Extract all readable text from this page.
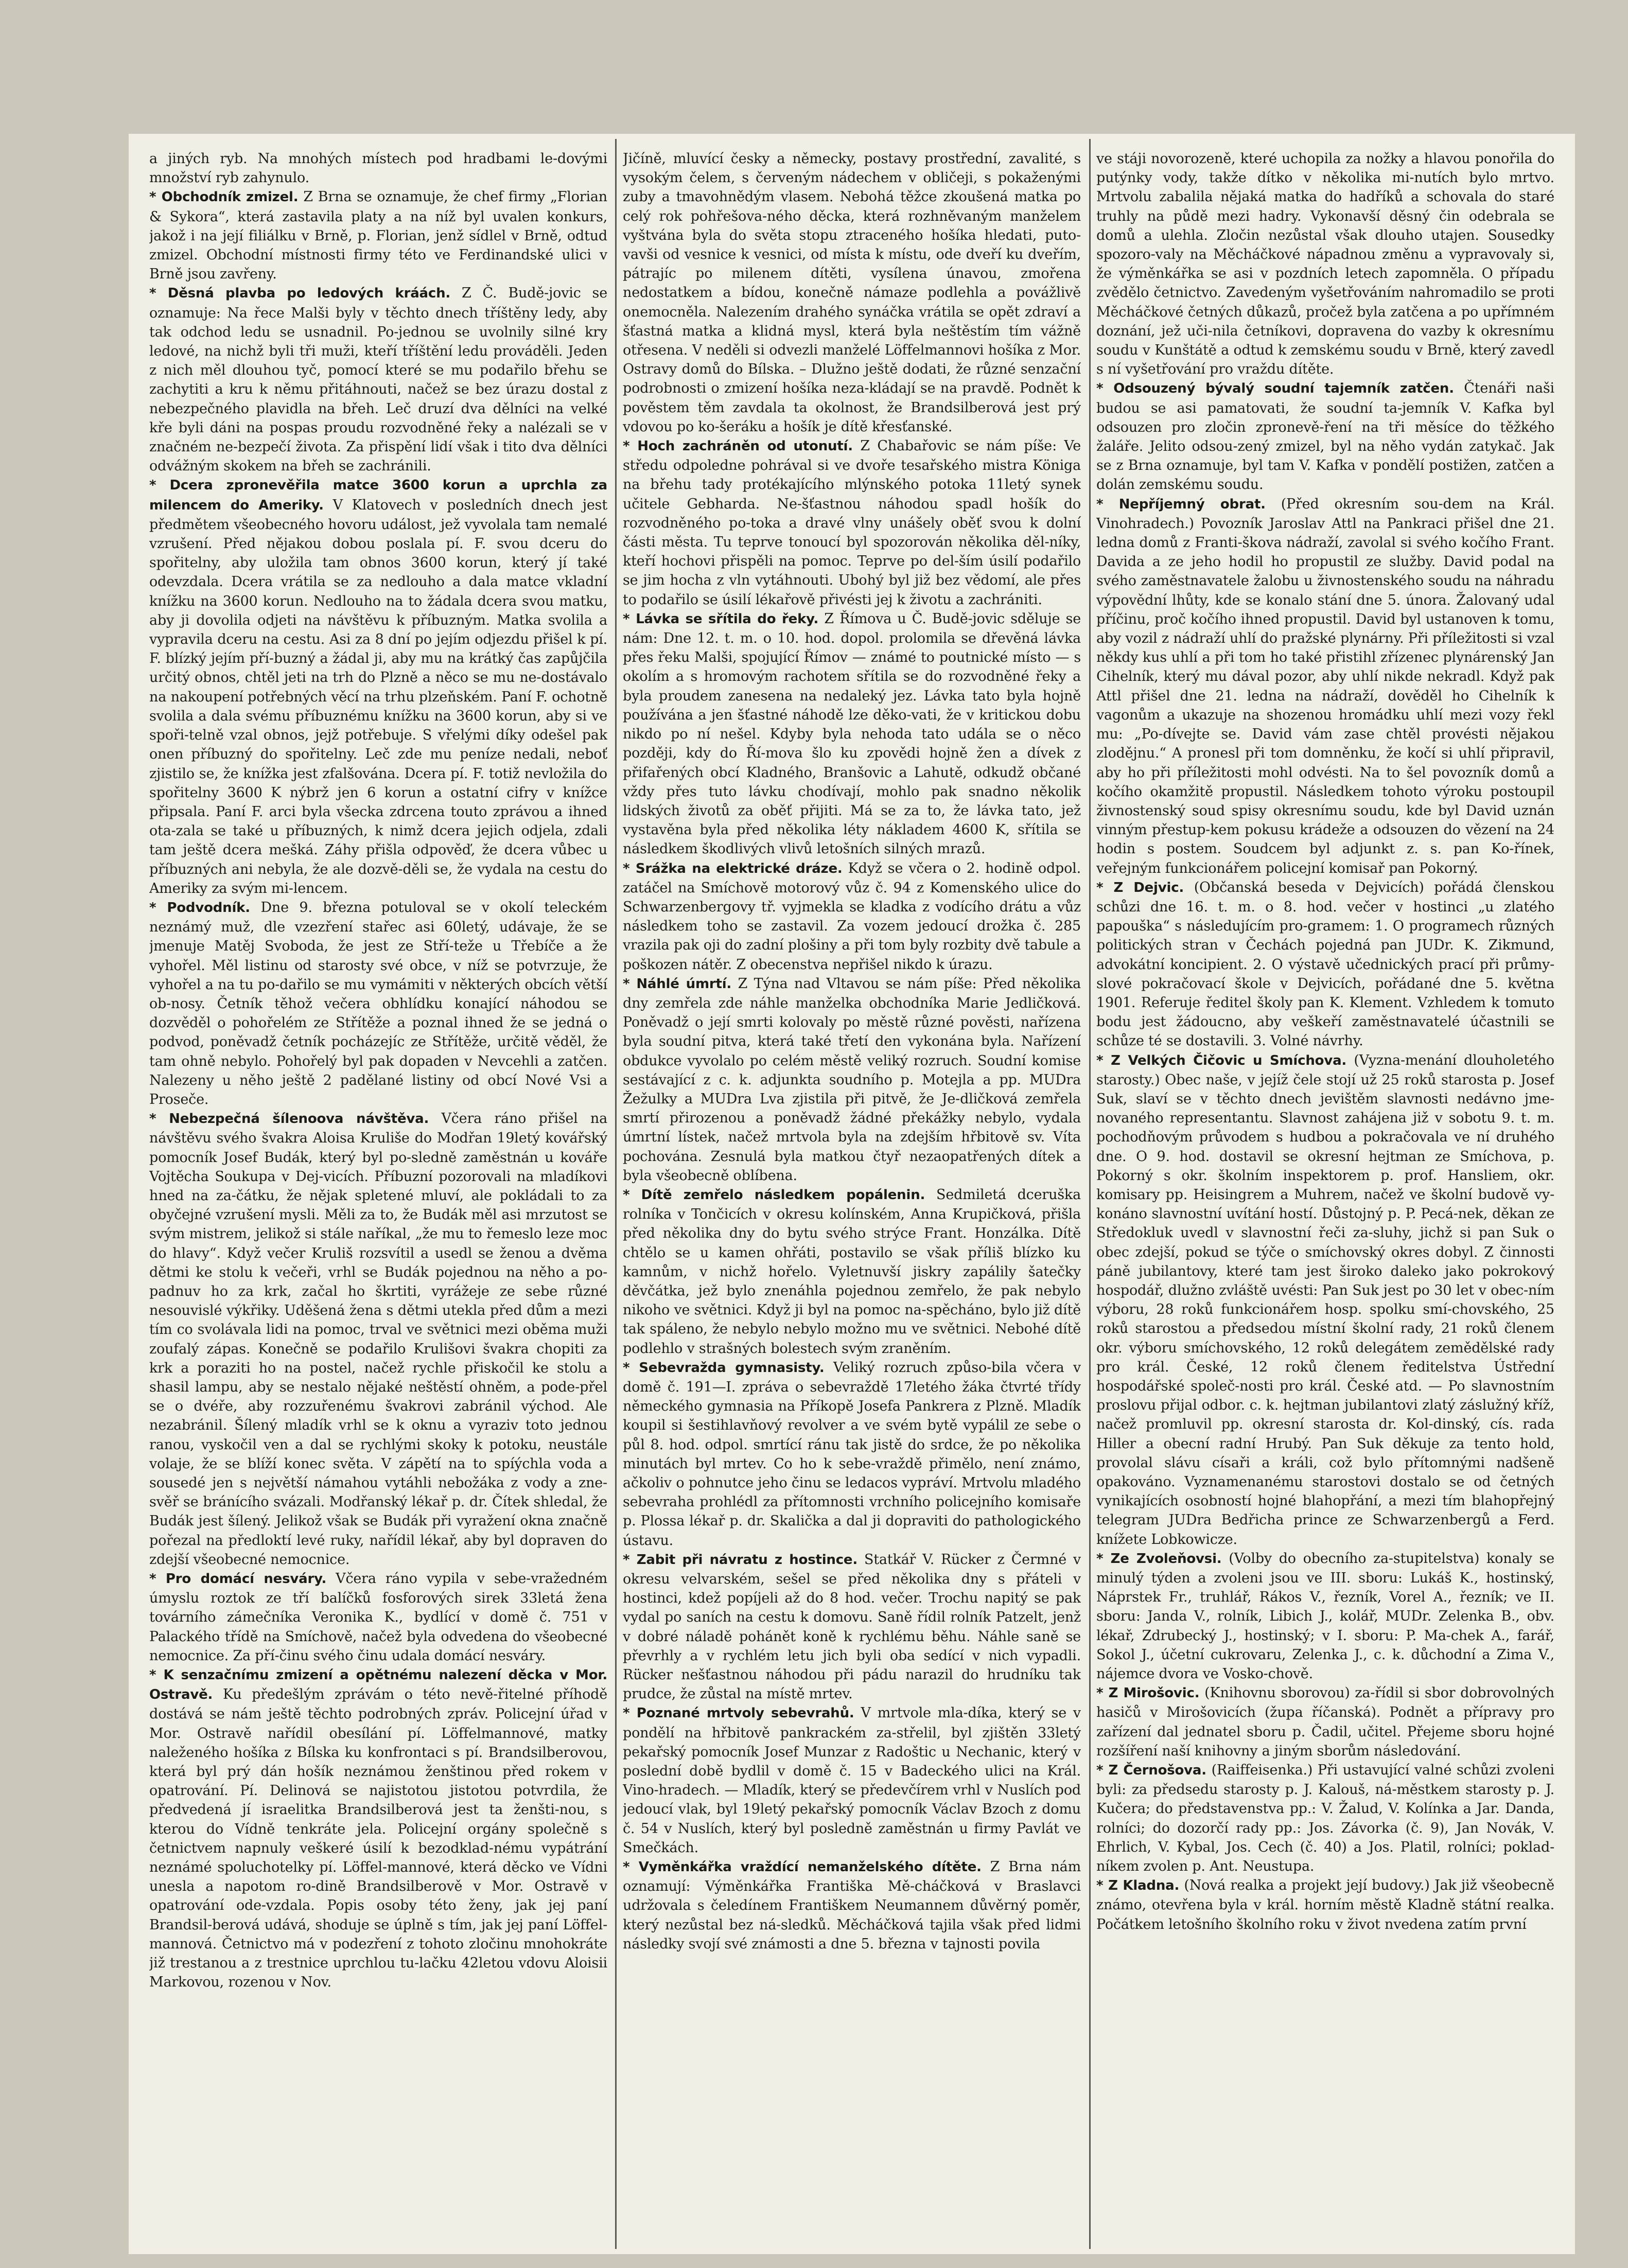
a jiných ryb. Na mnohých místech pod hradbami le-dovými množství ryb zahynulo.

* Obchodník zmizel. Z Brna se oznamuje, že chef firmy „Florian & Sykora“, která zastavila platy a na níž byl uvalen konkurs, jakož i na její filiálku v Brně, p. Florian, jenž sídlel v Brně, odtud zmizel. Obchodní místnosti firmy této ve Ferdinandské ulici v Brně jsou zavřeny.

* Děsná plavba po ledových kráách. Z Č. Budě-jovic se oznamuje: Na řece Malši byly v těchto dnech tříštěny ledy, aby tak odchod ledu se usnadnil. Po-jednou se uvolnily silné kry ledové, na nichž byli tři muži, kteří tříštění ledu prováděli. Jeden z nich měl dlouhou tyč, pomocí které se mu podařilo břehu se zachytiti a kru k němu přitáhnouti, načež se bez úrazu dostal z nebezpečného plavidla na břeh. Leč druzí dva dělníci na velké kře byli dáni na pospas proudu rozvodněné řeky a nalézali se v značném ne-bezpečí života. Za přispění lidí však i tito dva dělníci odvážným skokem na břeh se zachránili.

* Dcera zpronevěřila matce 3600 korun a uprchla za milencem do Ameriky. V Klatovech v posledních dnech jest předmětem všeobecného hovoru událost, jež vyvolala tam nemalé vzrušení. Před nějakou dobou poslala pí. F. svou dceru do spořitelny, aby uložila tam obnos 3600 korun, který jí také odevzdala. Dcera vrátila se za nedlouho a dala matce vkladní knížku na 3600 korun. Nedlouho na to žádala dcera svou matku, aby ji dovolila odjeti na návštěvu k příbuzným. Matka svolila a vypravila dceru na cestu. Asi za 8 dní po jejím odjezdu přišel k pí. F. blízký jejím pří-buzný a žádal ji, aby mu na krátký čas zapůjčila určitý obnos, chtěl jeti na trh do Plzně a něco se mu ne-dostávalo na nakoupení potřebných věcí na trhu plzeňském. Paní F. ochotně svolila a dala svému příbuznému knížku na 3600 korun, aby si ve spoři-telně vzal obnos, jejž potřebuje. S vřelými díky odešel pak onen příbuzný do spořitelny. Leč zde mu peníze nedali, neboť zjistilo se, že knížka jest zfalšována. Dcera pí. F. totiž nevložila do spořitelny 3600 K nýbrž jen 6 korun a ostatní cifry v knížce připsala. Paní F. arci byla všecka zdrcena touto zprávou a ihned ota-zala se také u příbuzných, k nimž dcera jejich odjela, zdali tam ještě dcera mešká. Záhy přišla odpověď, že dcera vůbec u příbuzných ani nebyla, že ale dozvě-děli se, že vydala na cestu do Ameriky za svým mi-lencem.

* Podvodník. Dne 9. března potuloval se v okolí teleckém neznámý muž, dle vzezření stařec asi 60letý, udávaje, že se jmenuje Matěj Svoboda, že jest ze Stří-teže u Třebíče a že vyhořel. Měl listinu od starosty své obce, v níž se potvrzuje, že vyhořel a na tu po-dařilo se mu vymámiti v některých obcích větší ob-nosy. Četník těhož večera obhlídku konající náhodou se dozvěděl o pohořelém ze Střítěže a poznal ihned že se jedná o podvod, poněvadž četník pocházejíc ze Střítěže, určitě věděl, že tam ohně nebylo. Pohořelý byl pak dopaden v Nevcehli a zatčen. Nalezeny u něho ještě 2 padělané listiny od obcí Nové Vsi a Proseče.

* Nebezpečná šílenoova návštěva. Včera ráno přišel na návštěvu svého švakra Aloisa Kruliše do Modřan 19letý kovářský pomocník Josef Budák, který byl po-sledně zaměstnán u kováře Vojtěcha Soukupa v Dej-vicích. Příbuzní pozorovali na mladíkovi hned na za-čátku, že nějak spletené mluví, ale pokládali to za obyčejné vzrušení mysli. Měli za to, že Budák měl asi mrzutost se svým mistrem, jelikož si stále naříkal, „že mu to řemeslo leze moc do hlavy“. Když večer Kruliš rozsvítil a usedl se ženou a dvěma dětmi ke stolu k večeři, vrhl se Budák pojednou na něho a po-padnuv ho za krk, začal ho škrtiti, vyrážeje ze sebe různé nesouvislé výkřiky. Uděšená žena s dětmi utekla před dům a mezi tím co svolávala lidi na pomoc, trval ve světnici mezi oběma muži zoufalý zápas. Konečně se podařilo Krulišovi švakra chopiti za krk a poraziti ho na postel, načež rychle přiskočil ke stolu a shasil lampu, aby se nestalo nějaké neštěstí ohněm, a pode-přel se o dvéře, aby rozzuřenému švakrovi zabránil východ. Ale nezabránil. Šílený mladík vrhl se k oknu a vyraziv toto jednou ranou, vyskočil ven a dal se rychlými skoky k potoku, neustále volaje, že se blíží konec světa. V zápětí na to spíýchla voda a sousedé jen s největší námahou vytáhli nebožáka z vody a zne-svěř se bránícího svázali. Modřanský lékař p. dr. Čítek shledal, že Budák jest šílený. Jelikož však se Budák při vyražení okna značně pořezal na předloktí levé ruky, nařídil lékař, aby byl dopraven do zdejší všeobecné nemocnice.

* Pro domácí nesváry. Včera ráno vypila v sebe-vražedném úmyslu roztok ze tří balíčků fosforových sirek 33letá žena továrního zámečníka Veronika K., bydlící v domě č. 751 v Palackého třídě na Smíchově, načež byla odvedena do všeobecné nemocnice. Za pří-činu svého činu udala domácí nesváry.

* K senzačnímu zmizení a opětnému nalezení děcka v Mor. Ostravě. Ku předešlým zprávám o této nevě-řitelné příhodě dostává se nám ještě těchto podrobných zpráv. Policejní úřad v Mor. Ostravě nařídil obesílání pí. Löffelmannové, matky naleženého hošíka z Bílska ku konfrontaci s pí. Brandsilberovou, která byl prý dán hošík neznámou ženštinou před rokem v opatrování. Pí. Delinová se najistotou jistotou potvrdila, že předvedená jí israelitka Brandsilberová jest ta ženšti-nou, s kterou do Vídně tenkráte jela. Policejní orgány společně s četnictvem napnuly veškeré úsilí k bezodklad-nému vypátrání neznámé spoluchotelky pí. Löffel-mannové, která děcko ve Vídni unesla a napotom ro-dině Brandsilberově v Mor. Ostravě v opatrování ode-vzdala. Popis osoby této ženy, jak jej paní Brandsil-berová udává, shoduje se úplně s tím, jak jej paní Löffel-mannová. Četnictvo má v podezření z tohoto zločinu mnohokráte již trestanou a z trestnice uprchlou tu-lačku 42letou vdovu Aloisii Markovou, rozenou v Nov.

Jičíně, mluvící česky a německy, postavy prostřední, zavalité, s vysokým čelem, s červeným nádechem v obličeji, s pokaženými zuby a tmavohnědým vlasem. Nebohá těžce zkoušená matka po celý rok pohřešova-ného děcka, která rozhněvaným manželem vyštvána byla do světa stopu ztraceného hošíka hledati, puto-vavši od vesnice k vesnici, od místa k místu, ode dveří ku dveřím, pátrajíc po milenem dítěti, vysílena únavou, zmořena nedostatkem a bídou, konečně námaze podlehla a povážlivě onemocněla. Nalezením drahého synáčka vrátila se opět zdraví a šťastná matka a klidná mysl, která byla neštěstím tím vážně otřesena. V neděli si odvezli manželé Löffelmannovi hošíka z Mor. Ostravy domů do Bílska. – Dlužno ještě dodati, že různé senzační podrobnosti o zmizení hošíka neza-kládají se na pravdě. Podnět k pověstem těm zavdala ta okolnost, že Brandsilberová jest prý vdovou po ko-šeráku a hošík je dítě křesťanské.

* Hoch zachráněn od utonutí. Z Chabařovic se nám píše: Ve středu odpoledne pohrával si ve dvoře tesařského mistra Königa na břehu tady protékajícího mlýnského potoka 11letý synek učitele Gebharda. Ne-šťastnou náhodou spadl hošík do rozvodněného po-toka a dravé vlny unášely oběť svou k dolní části města. Tu teprve tonoucí byl spozorován několika děl-níky, kteří hochovi přispěli na pomoc. Teprve po del-ším úsilí podařilo se jim hocha z vln vytáhnouti. Ubohý byl již bez vědomí, ale přes to podařilo se úsilí lékařově přivésti jej k životu a zachrániti.

* Lávka se sřítila do řeky. Z Římova u Č. Budě-jovic sděluje se nám: Dne 12. t. m. o 10. hod. dopol. prolomila se dřevěná lávka přes řeku Malši, spojující Římov — známé to poutnické místo — s okolím a s hromovým rachotem sřítila se do rozvodněné řeky a byla proudem zanesena na nedaleký jez. Lávka tato byla hojně používána a jen šťastné náhodě lze děko-vati, že v kritickou dobu nikdo po ní nešel. Kdyby byla nehoda tato udála se o něco později, kdy do Ří-mova šlo ku zpovědi hojně žen a dívek z přifařených obcí Kladného, Branšovic a Lahutě, odkudž občané vždy přes tuto lávku chodívají, mohlo pak snadno několik lidských životů za oběť přijiti. Má se za to, že lávka tato, jež vystavěna byla před několika léty nákladem 4600 K, sřítila se následkem škodlivých vlivů letošních silných mrazů.

* Srážka na elektrické dráze. Když se včera o 2. hodině odpol. zatáčel na Smíchově motorový vůz č. 94 z Komenského ulice do Schwarzenbergovy tř. vyjmekla se kladka z vodícího drátu a vůz následkem toho se zastavil. Za vozem jedoucí drožka č. 285 vrazila pak oji do zadní plošiny a při tom byly rozbity dvě tabule a poškozen nátěr. Z obecenstva nepřišel nikdo k úrazu.

* Náhlé úmrtí. Z Týna nad Vltavou se nám píše: Před několika dny zemřela zde náhle manželka obchodníka Marie Jedličková. Poněvadž o její smrti kolovaly po městě různé pověsti, nařízena byla soudní pitva, která také třetí den vykonána byla. Nařízení obdukce vyvolalo po celém městě veliký rozruch. Soudní komise sestávající z c. k. adjunkta soudního p. Motejla a pp. MUDra Žežulky a MUDra Lva zjistila při pitvě, že Je-dličková zemřela smrtí přirozenou a poněvadž žádné překážky nebylo, vydala úmrtní lístek, načež mrtvola byla na zdejším hřbitově sv. Víta pochována. Zesnulá byla matkou čtyř nezaopatřených dítek a byla všeobecně oblíbena.

* Dítě zemřelo následkem popálenin. Sedmiletá dceruška rolníka v Tončicích v okresu kolínském, Anna Krupičková, přišla před několika dny do bytu svého strýce Frant. Honzálka. Dítě chtělo se u kamen ohřáti, postavilo se však příliš blízko ku kamnům, v nichž hořelo. Vyletnuvší jiskry zapálily šatečky děvčátka, jež bylo znenáhla pojednou zemřelo, že pak nebylo nikoho ve světnici. Když ji byl na pomoc na-spěcháno, bylo již dítě tak spáleno, že nebylo nebylo možno mu ve světnici. Nebohé dítě podlehlo v strašných bolestech svým zraněním.

* Sebevražda gymnasisty. Veliký rozruch způso-bila včera v domě č. 191—I. zpráva o sebevraždě 17letého žáka čtvrté třídy německého gymnasia na Příkopě Josefa Pankrera z Plzně. Mladík koupil si šestihlavňový revolver a ve svém bytě vypálil ze sebe o půl 8. hod. odpol. smrtící ránu tak jistě do srdce, že po několika minutách byl mrtev. Co ho k sebe-vraždě přimělo, není známo, ačkoliv o pohnutce jeho činu se ledacos vypráví. Mrtvolu mladého sebevraha prohlédl za přítomnosti vrchního policejního komisaře p. Plossa lékař p. dr. Skalička a dal ji dopraviti do pathologického ústavu.

* Zabit při návratu z hostince. Statkář V. Rücker z Čermné v okresu velvarském, sešel se před několika dny s přáteli v hostinci, kdež popíjeli až do 8 hod. večer. Trochu napitý se pak vydal po saních na cestu k domovu. Saně řídil rolník Patzelt, jenž v dobré náladě pohánět koně k rychlému běhu. Náhle saně se převrhly a v rychlém letu jich byli oba sedící v nich vypadli. Rücker nešťastnou náhodou při pádu narazil do hrudníku tak prudce, že zůstal na místě mrtev.

* Poznané mrtvoly sebevrahů. V mrtvole mla-díka, který se v pondělí na hřbitově pankrackém za-střelil, byl zjištěn 33letý pekařský pomocník Josef Munzar z Radoštic u Nechanic, který v poslední době bydlil v domě č. 15 v Badeckého ulici na Král. Vino-hradech. — Mladík, který se předevčírem vrhl v Nuslích pod jedoucí vlak, byl 19letý pekařský pomocník Václav Bzoch z domu č. 54 v Nuslích, který byl posledně zaměstnán u firmy Pavlát ve Smečkách.

* Vyměnkářka vraždící nemanželského dítěte. Z Brna nám oznamují: Výměnkářka Františka Mě-cháčková v Braslavci udržovala s čeledínem Františkem Neumannem důvěrný poměr, který nezůstal bez ná-sledků. Měcháčková tajila však před lidmi následky svojí své známosti a dne 5. března v tajnosti povila

ve stáji novorozeně, které uchopila za nožky a hlavou ponořila do putýnky vody, takže dítko v několika mi-nutích bylo mrtvo. Mrtvolu zabalila nějaká matka do hadříků a schovala do staré truhly na půdě mezi hadry. Vykonavší děsný čin odebrala se domů a ulehla. Zločin nezůstal však dlouho utajen. Sousedky spozoro-valy na Měcháčkové nápadnou změnu a vypravovaly si, že výměnkářka se asi v pozdních letech zapomněla. O případu zvědělo četnictvo. Zavedeným vyšetřováním nahromadilo se proti Měcháčkové četných důkazů, pročež byla zatčena a po upřímném doznání, jež uči-nila četníkovi, dopravena do vazby k okresnímu soudu v Kunštátě a odtud k zemskému soudu v Brně, který zavedl s ní vyšetřování pro vraždu dítěte.

* Odsouzený bývalý soudní tajemník zatčen. Čtenáři naši budou se asi pamatovati, že soudní ta-jemník V. Kafka byl odsouzen pro zločin zpronevě-ření na tři měsíce do těžkého žaláře. Jelito odsou-zený zmizel, byl na něho vydán zatykač. Jak se z Brna oznamuje, byl tam V. Kafka v pondělí postižen, zatčen a dolán zemskému soudu.

* Nepříjemný obrat. (Před okresním sou-dem na Král. Vinohradech.) Povozník Jaroslav Attl na Pankraci přišel dne 21. ledna domů z Franti-škova nádraží, zavolal si svého kočího Frant. Davida a ze jeho hodil ho propustil ze služby. David podal na svého zaměstnavatele žalobu u živnostenského soudu na náhradu výpovědní lhůty, kde se konalo stání dne 5. února. Žalovaný udal příčinu, proč kočího ihned propustil. David byl ustanoven k tomu, aby vozil z nádraží uhlí do pražské plynárny. Při příležitosti si vzal někdy kus uhlí a při tom ho také přistihl zřízenec plynárenský Jan Cihelník, který mu dával pozor, aby uhlí nikde nekradl. Když pak Attl přišel dne 21. ledna na nádraží, dověděl ho Cihelník k vagonům a ukazuje na shozenou hromádku uhlí mezi vozy řekl mu: „Po-dívejte se. David vám zase chtěl provésti nějakou zlodějnu.“ A pronesl při tom domněnku, že kočí si uhlí připravil, aby ho při příležitosti mohl odvésti. Na to šel povozník domů a kočího okamžitě propustil. Následkem tohoto výroku postoupil živnostenský soud spisy okresnímu soudu, kde byl David uznán vinným přestup-kem pokusu krádeže a odsouzen do vězení na 24 hodin s postem. Soudcem byl adjunkt z. s. pan Ko-řínek, veřejným funkcionářem policejní komisař pan Pokorný.

* Z Dejvic. (Občanská beseda v Dejvicích) pořádá členskou schůzi dne 16. t. m. o 8. hod. večer v hostinci „u zlatého papouška“ s následujícím pro-gramem: 1. O programech různých politických stran v Čechách pojedná pan JUDr. K. Zikmund, advokátní koncipient. 2. O výstavě učednických prací při průmy-slové pokračovací škole v Dejvicích, pořádané dne 5. května 1901. Referuje ředitel školy pan K. Klement. Vzhledem k tomuto bodu jest žádoucno, aby veškeří zaměstnavatelé účastnili se schůze té se dostavili. 3. Volné návrhy.

* Z Velkých Čičovic u Smíchova. (Vyzna-menání dlouholetého starosty.) Obec naše, v jejíž čele stojí už 25 roků starosta p. Josef Suk, slaví se v těchto dnech jevištěm slavnosti nedávno jme-novaného representantu. Slavnost zahájena již v sobotu 9. t. m. pochodňovým průvodem s hudbou a pokračovala ve ní druhého dne. O 9. hod. dostavil se okresní hejtman ze Smíchova, p. Pokorný s okr. školním inspektorem p. prof. Hansliem, okr. komisary pp. Heisingrem a Muhrem, načež ve školní budově vy-konáno slavnostní uvítání hostí. Důstojný p. P. Pecá-nek, děkan ze Středokluk uvedl v slavnostní řeči za-sluhy, jichž si pan Suk o obec zdejší, pokud se týče o smíchovský okres dobyl. Z činnosti páně jubilantovy, které tam jest široko daleko jako pokrokový hospodář, dlužno zvláště uvésti: Pan Suk jest po 30 let v obec-ním výboru, 28 roků funkcionářem hosp. spolku smí-chovského, 25 roků starostou a předsedou místní školní rady, 21 roků členem okr. výboru smíchovského, 12 roků delegátem zemědělské rady pro král. České, 12 roků členem ředitelstva Ústřední hospodářské společ-nosti pro král. České atd. — Po slavnostním proslovu přijal odbor. c. k. hejtman jubilantovi zlatý záslužný kříž, načež promluvil pp. okresní starosta dr. Kol-dinský, cís. rada Hiller a obecní radní Hrubý. Pan Suk děkuje za tento hold, provolal slávu císaři a králi, což bylo přítomnými nadšeně opakováno. Vyznamenanému starostovi dostalo se od četných vynikajících osobností hojné blahopřání, a mezi tím blahopřejný telegram JUDra Bedřicha prince ze Schwarzenbergů a Ferd. knížete Lobkowicze.

* Ze Zvoleňovsi. (Volby do obecního za-stupitelstva) konaly se minulý týden a zvoleni jsou ve III. sboru: Lukáš K., hostinský, Náprstek Fr., truhlář, Rákos V., řezník, Vorel A., řezník; ve II. sboru: Janda V., rolník, Libich J., kolář, MUDr. Zelenka B., obv. lékař, Zdrubecký J., hostinský; v I. sboru: P. Ma-chek A., farář, Sokol J., účetní cukrovaru, Zelenka J., c. k. důchodní a Zima V., nájemce dvora ve Vosko-chově.

* Z Mirošovic. (Knihovnu sborovou) za-řídil si sbor dobrovolných hasičů v Mirošovicích (župa říčanská). Podnět a přípravy pro zařízení dal jednatel sboru p. Čadil, učitel. Přejeme sboru hojné rozšíření naší knihovny a jiným sborům následování.

* Z Černošova. (Raiffeisenka.) Při ustavující valné schůzi zvoleni byli: za předsedu starosty p. J. Kalouš, ná-městkem starosty p. J. Kučera; do představenstva pp.: V. Žalud, V. Kolínka a Jar. Danda, rolníci; do dozorčí rady pp.: Jos. Závorka (č. 9), Jan Novák, V. Ehrlich, V. Kybal, Jos. Cech (č. 40) a Jos. Platil, rolníci; poklad-níkem zvolen p. Ant. Neustupa.

* Z Kladna. (Nová realka a projekt její budovy.) Jak již všeobecně známo, otevřena byla v král. horním městě Kladně státní realka. Počátkem letošního školního roku v život nvedena zatím první
